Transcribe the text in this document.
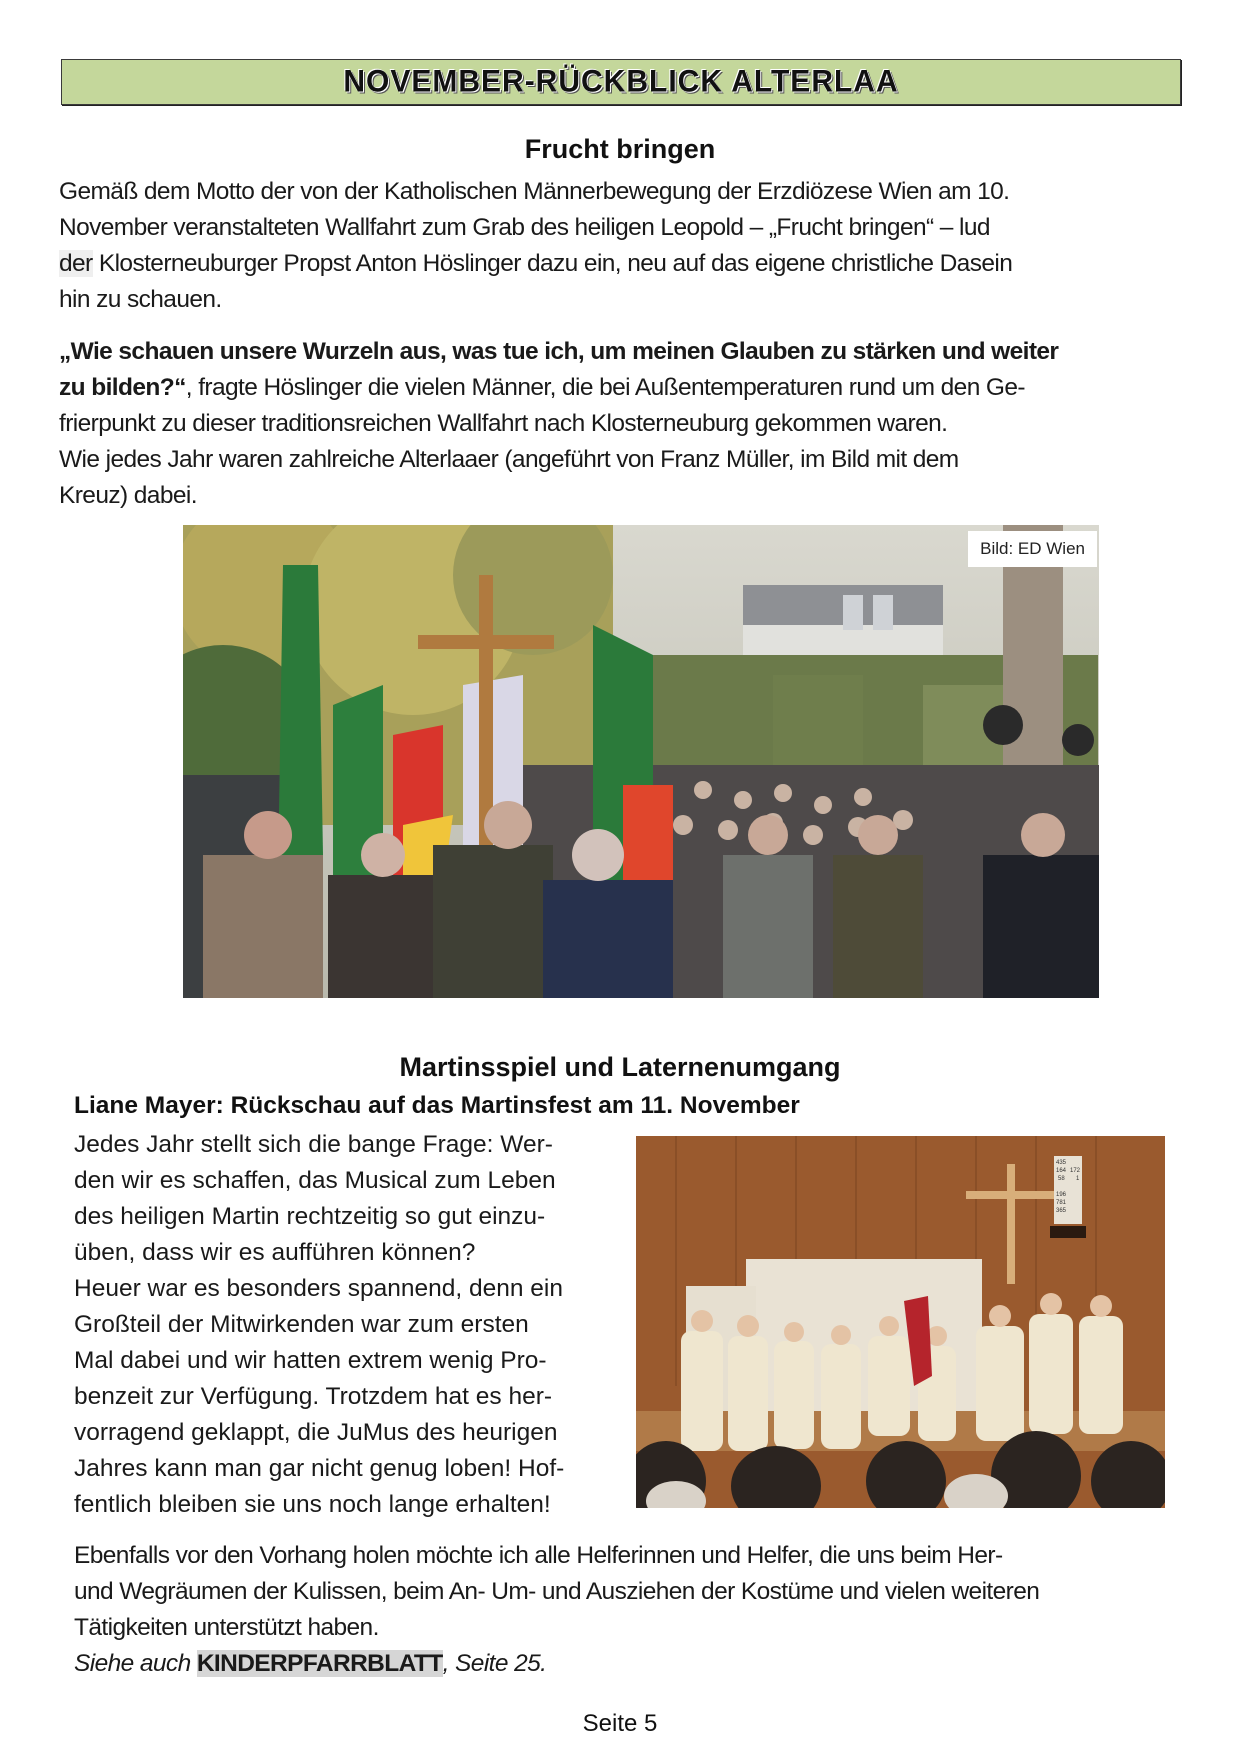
NOVEMBER-RÜCKBLICK ALTERLAA
Frucht bringen
Gemäß dem Motto der von der Katholischen Männerbewegung der Erzdiözese Wien am 10.
November veranstalteten Wallfahrt zum Grab des heiligen Leopold – „Frucht bringen“ – lud
der Klosterneuburger Propst Anton Höslinger dazu ein, neu auf das eigene christliche Dasein
hin zu schauen.
„Wie schauen unsere Wurzeln aus, was tue ich, um meinen Glauben zu stärken und weiter
zu bilden?“, fragte Höslinger die vielen Männer, die bei Außentemperaturen rund um den Ge-
frierpunkt zu dieser traditionsreichen Wallfahrt nach Klosterneuburg gekommen waren.
Wie jedes Jahr waren zahlreiche Alterlaaer (angeführt von Franz Müller, im Bild mit dem
Kreuz) dabei.
Bild: ED Wien
Martinsspiel und Laternenumgang
Liane Mayer: Rückschau auf das Martinsfest am 11. November
Jedes Jahr stellt sich die bange Frage: Wer-
den wir es schaffen, das Musical zum Leben
des heiligen Martin rechtzeitig so gut einzu-
üben, dass wir es aufführen können?
Heuer war es besonders spannend, denn ein
Großteil der Mitwirkenden war zum ersten
Mal dabei und wir hatten extrem wenig Pro-
benzeit zur Verfügung. Trotzdem hat es her-
vorragend geklappt, die JuMus des heurigen
Jahres kann man gar nicht genug loben! Hof-
fentlich bleiben sie uns noch lange erhalten!
435
164 172
58 1
196
781
365
Ebenfalls vor den Vorhang holen möchte ich alle Helferinnen und Helfer, die uns beim Her-
und Wegräumen der Kulissen, beim An- Um- und Ausziehen der Kostüme und vielen weiteren
Tätigkeiten unterstützt haben.
Siehe auch KINDERPFARRBLATT, Seite 25.
Seite 5
